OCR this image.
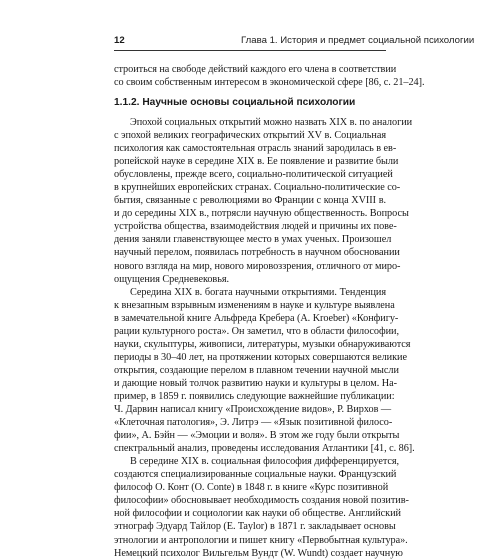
12	Глава 1. История и предмет социальной психологии
строиться на свободе действий каждого его члена в соответствии
со своим собственным интересом в экономической сфере [86, с. 21–24].
1.1.2. Научные основы социальной психологии
Эпохой социальных открытий можно назвать XIX в. по аналогии
с эпохой великих географических открытий XV в. Социальная
психология как самостоятельная отрасль знаний зародилась в ев-
ропейской науке в середине XIX в. Ее появление и развитие были
обусловлены, прежде всего, социально-политической ситуацией
в крупнейших европейских странах. Социально-политические со-
бытия, связанные с революциями во Франции с конца XVIII в.
и до середины XIX в., потрясли научную общественность. Вопросы
устройства общества, взаимодействия людей и причины их пове-
дения заняли главенствующее место в умах ученых. Произошел
научный перелом, появилась потребность в научном обосновании
нового взгляда на мир, нового мировоззрения, отличного от миро-
ощущения Средневековья.
Середина XIX в. богата научными открытиями. Тенденция
к внезапным взрывным изменениям в науке и культуре выявлена
в замечательной книге Альфреда Кребера (A. Kroeber) «Конфигу-
рации культурного роста». Он заметил, что в области философии,
науки, скульптуры, живописи, литературы, музыки обнаруживаются
периоды в 30–40 лет, на протяжении которых совершаются великие
открытия, создающие перелом в плавном течении научной мысли
и дающие новый толчок развитию науки и культуры в целом. На-
пример, в 1859 г. появились следующие важнейшие публикации:
Ч. Дарвин написал книгу «Происхождение видов», Р. Вирхов —
«Клеточная патология», Э. Литрэ — «Язык позитивной филосо-
фии», А. Бэйн — «Эмоции и воля». В этом же году были открыты
спектральный анализ, проведены исследования Атлантики [41, с. 86].
В середине XIX в. социальная философия дифференцируется,
создаются специализированные социальные науки. Французский
философ О. Конт (O. Conte) в 1848 г. в книге «Курс позитивной
философии» обосновывает необходимость создания новой позитив-
ной философии и социологии как науки об обществе. Английский
этнограф Эдуард Тайлор (E. Taylor) в 1871 г. закладывает основы
этнологии и антропологии и пишет книгу «Первобытная культура».
Немецкий психолог Вильгельм Вундт (W. Wundt) создает научную
